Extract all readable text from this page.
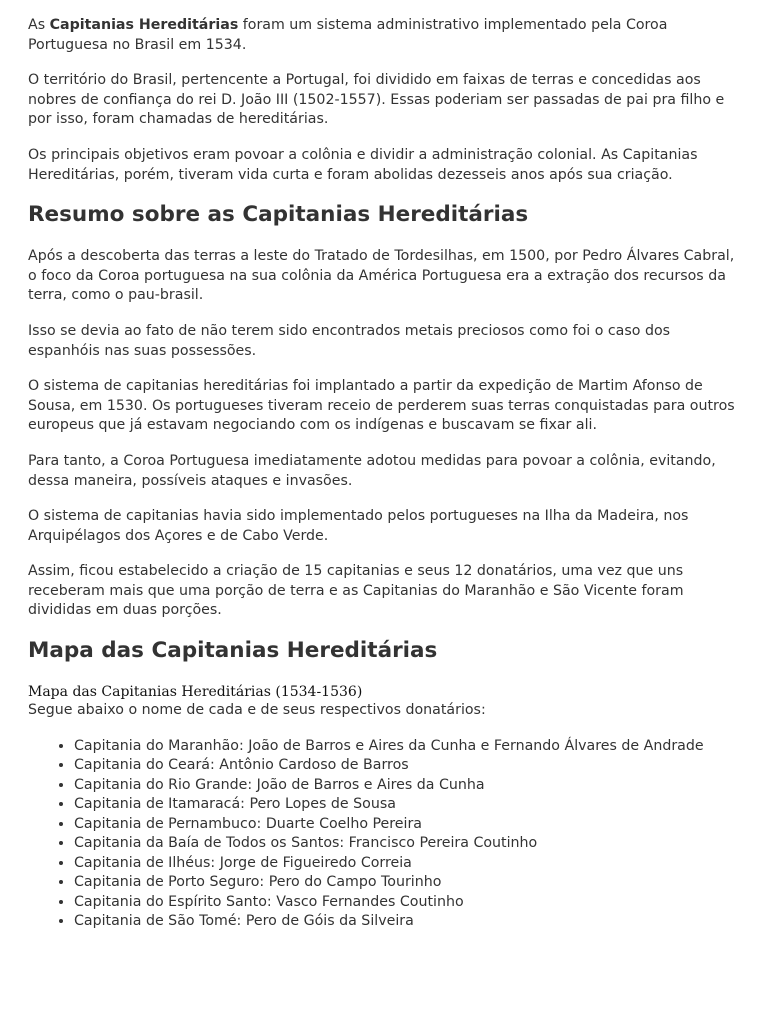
As Capitanias Hereditárias foram um sistema administrativo implementado pela Coroa Portuguesa no Brasil em 1534.

O território do Brasil, pertencente a Portugal, foi dividido em faixas de terras e concedidas aos nobres de confiança do rei D. João III (1502-1557). Essas poderiam ser passadas de pai pra filho e por isso, foram chamadas de hereditárias.

Os principais objetivos eram povoar a colônia e dividir a administração colonial. As Capitanias Hereditárias, porém, tiveram vida curta e foram abolidas dezesseis anos após sua criação.

Resumo sobre as Capitanias Hereditárias

Após a descoberta das terras a leste do Tratado de Tordesilhas, em 1500, por Pedro Álvares Cabral, o foco da Coroa portuguesa na sua colônia da América Portuguesa era a extração dos recursos da terra, como o pau-brasil.

Isso se devia ao fato de não terem sido encontrados metais preciosos como foi o caso dos espanhóis nas suas possessões.

O sistema de capitanias hereditárias foi implantado a partir da expedição de Martim Afonso de Sousa, em 1530. Os portugueses tiveram receio de perderem suas terras conquistadas para outros europeus que já estavam negociando com os indígenas e buscavam se fixar ali.

Para tanto, a Coroa Portuguesa imediatamente adotou medidas para povoar a colônia, evitando, dessa maneira, possíveis ataques e invasões.

O sistema de capitanias havia sido implementado pelos portugueses na Ilha da Madeira, nos Arquipélagos dos Açores e de Cabo Verde.

Assim, ficou estabelecido a criação de 15 capitanias e seus 12 donatários, uma vez que uns receberam mais que uma porção de terra e as Capitanias do Maranhão e São Vicente foram divididas em duas porções.

Mapa das Capitanias Hereditárias

Mapa das Capitanias Hereditárias (1534-1536)

Segue abaixo o nome de cada e de seus respectivos donatários:

• Capitania do Maranhão: João de Barros e Aires da Cunha e Fernando Álvares de Andrade
• Capitania do Ceará: Antônio Cardoso de Barros
• Capitania do Rio Grande: João de Barros e Aires da Cunha
• Capitania de Itamaracá: Pero Lopes de Sousa
• Capitania de Pernambuco: Duarte Coelho Pereira
• Capitania da Baía de Todos os Santos: Francisco Pereira Coutinho
• Capitania de Ilhéus: Jorge de Figueiredo Correia
• Capitania de Porto Seguro: Pero do Campo Tourinho
• Capitania do Espírito Santo: Vasco Fernandes Coutinho
• Capitania de São Tomé: Pero de Góis da Silveira
